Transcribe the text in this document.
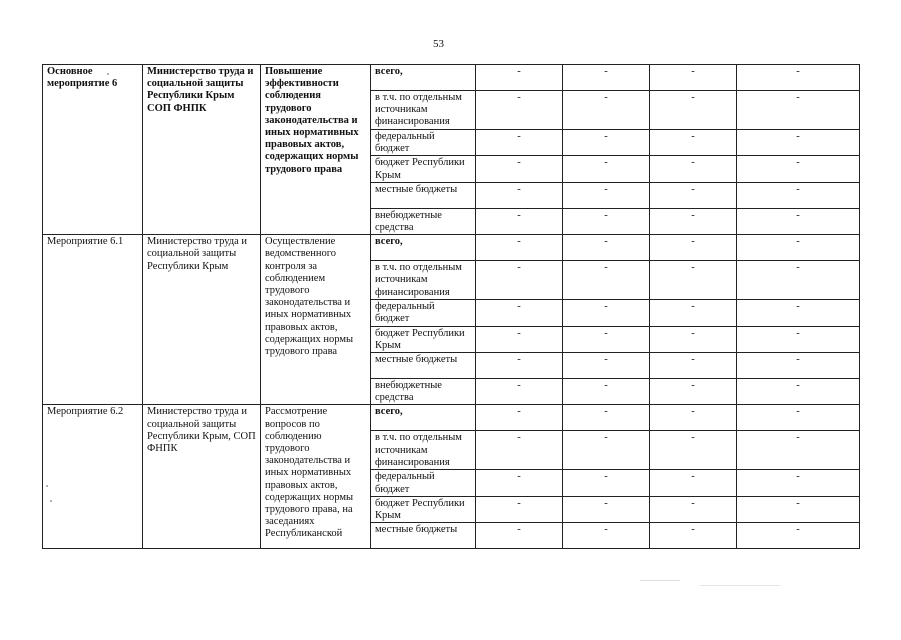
53
Основное мероприятие 6	Министерство труда и социальной защиты Республики Крым СОП ФНПК	Повышение эффективности соблюдения трудового законодательства и иных нормативных правовых актов, содержащих нормы трудового права	всего,	-	-	-	-
			в т.ч. по отдельным источникам финансирования	-	-	-	-
			федеральный бюджет	-	-	-	-
			бюджет Республики Крым	-	-	-	-
			местные бюджеты	-	-	-	-
			внебюджетные средства	-	-	-	-
Мероприятие 6.1	Министерство труда и социальной защиты Республики Крым	Осуществление ведомственного контроля за соблюдением трудового законодательства и иных нормативных правовых актов, содержащих нормы трудового права	всего,	-	-	-	-
			в т.ч. по отдельным источникам финансирования	-	-	-	-
			федеральный бюджет	-	-	-	-
			бюджет Республики Крым	-	-	-	-
			местные бюджеты	-	-	-	-
			внебюджетные средства	-	-	-	-
Мероприятие 6.2	Министерство труда и социальной защиты Республики Крым, СОП ФНПК	Рассмотрение вопросов по соблюдению трудового законодательства и иных нормативных правовых актов, содержащих нормы трудового права, на заседаниях Республиканской	всего,	-	-	-	-
			в т.ч. по отдельным источникам финансирования	-	-	-	-
			федеральный бюджет	-	-	-	-
			бюджет Республики Крым	-	-	-	-
			местные бюджеты	-	-	-	-
